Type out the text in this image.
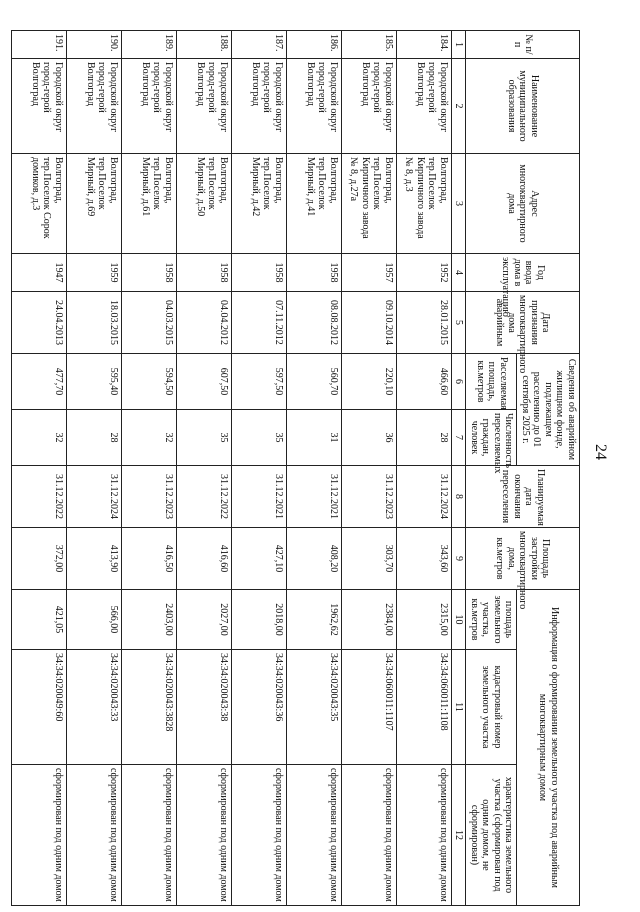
24
№ п/п	Наименование муниципального образования	Адрес многоквартирного дома	Год ввода дома в эксплуатацию	Дата признания многоквартирного дома аварийным	Сведения об аварийном жилищном фонде, подлежащем расселению до 01 сентября 2025 г.		Планируемая дата окончания переселения	Площадь застройки многоквартирного дома, кв.метров	Информация о формировании земельного участка под аварийным многоквартирным домом		
					Расселяемая площадь, кв.метров	Численность переселяемых граждан, человек			площадь земельного участка, кв.метров	кадастровый номер земельного участка	характеристика земельного участка (сформирован под одним домом, не сформирован)
1	2	3	4	5	6	7	8	9	10	11	12
184.	Городской округ город-герой Волгоград	Волгоград, тер.Поселок Кирпичного завода № 8, д.3	1952	28.01.2015	466,60	28	31.12.2024	343,60	2315,00	34:34:060011:1108	сформирован под одним домом
185.	Городской округ город-герой Волгоград	Волгоград, тер.Поселок Кирпичного завода № 8, д.27а	1957	09.10.2014	220,10	36	31.12.2023	303,70	2384,00	34:34:060011:1107	сформирован под одним домом
186.	Городской округ город-герой Волгоград	Волгоград, тер.Поселок Мирный, д.41	1958	08.08.2012	560,70	31	31.12.2021	408,20	1962,62	34:34:020043:35	сформирован под одним домом
187.	Городской округ город-герой Волгоград	Волгоград, тер.Поселок Мирный, д.42	1958	07.11.2012	597,50	35	31.12.2021	427,10	2018,00	34:34:020043:36	сформирован под одним домом
188.	Городской округ город-герой Волгоград	Волгоград, тер.Поселок Мирный, д.50	1958	04.04.2012	607,50	35	31.12.2022	416,60	2027,00	34:34:020043:38	сформирован под одним домом
189.	Городской округ город-герой Волгоград	Волгоград, тер.Поселок Мирный, д.61	1958	04.03.2015	594,50	32	31.12.2023	416,50	2403,00	34:34:020043:3828	сформирован под одним домом
190.	Городской округ город-герой Волгоград	Волгоград, тер.Поселок Мирный, д.69	1959	18.03.2015	595,40	28	31.12.2024	413,90	566,00	34:34:020043:33	сформирован под одним домом
191.	Городской округ город-герой Волгоград	Волгоград, тер.Поселок Сорок домиков, д.3	1947	24.04.2013	477,70	32	31.12.2022	372,00	421,05	34:34:020049:60	сформирован под одним домом
